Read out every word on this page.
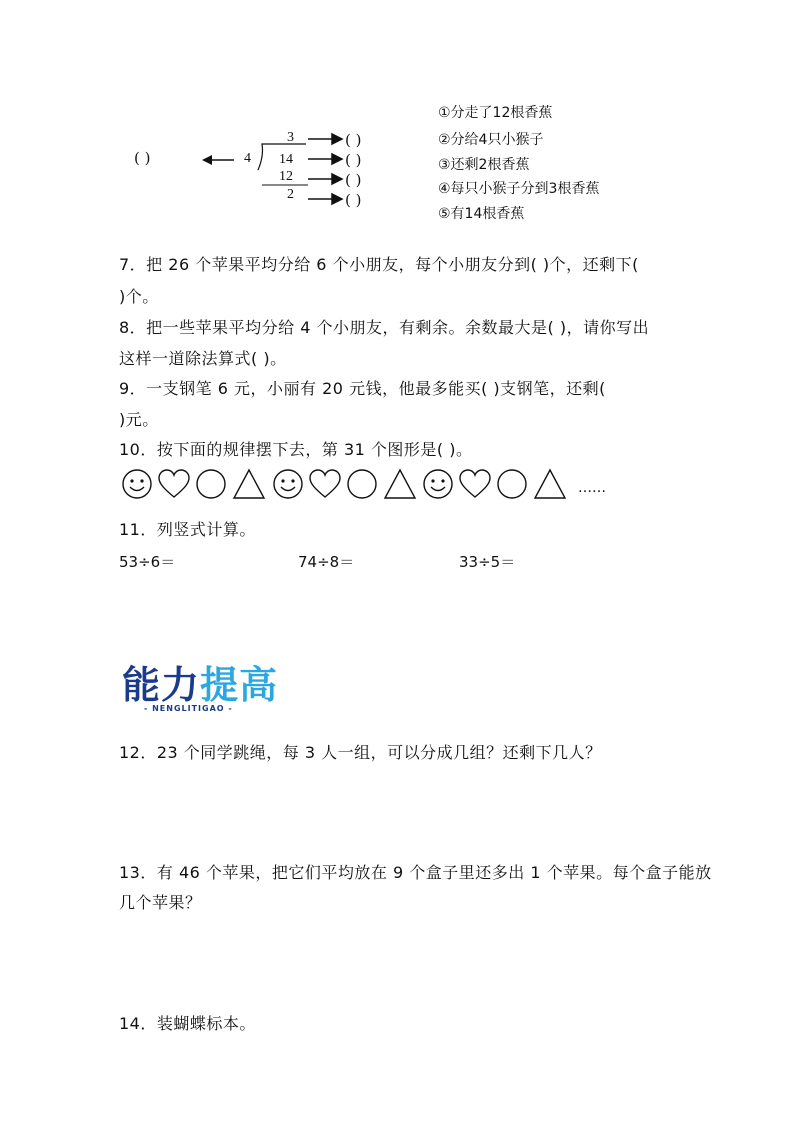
( )	4
3
14
12
2
( )
( )
( )
( )
①分走了12根香蕉
②分给4只小猴子
③还剩2根香蕉
④每只小猴子分到3根香蕉
⑤有14根香蕉
7．把 26 个苹果平均分给 6 个小朋友，每个小朋友分到( )个，还剩下(
)个。
8．把一些苹果平均分给 4 个小朋友，有剩余。余数最大是( )，请你写出
这样一道除法算式( )。
9．一支钢笔 6 元，小丽有 20 元钱，他最多能买( )支钢笔，还剩(
)元。
10．按下面的规律摆下去，第 31 个图形是( )。
……
11．列竖式计算。
53÷6＝	74÷8＝	33÷5＝
能力提高
- NENGLITIGAO -
12．23 个同学跳绳，每 3 人一组，可以分成几组？还剩下几人？
13．有 46 个苹果，把它们平均放在 9 个盒子里还多出 1 个苹果。每个盒子能放
几个苹果？
14．装蝴蝶标本。
